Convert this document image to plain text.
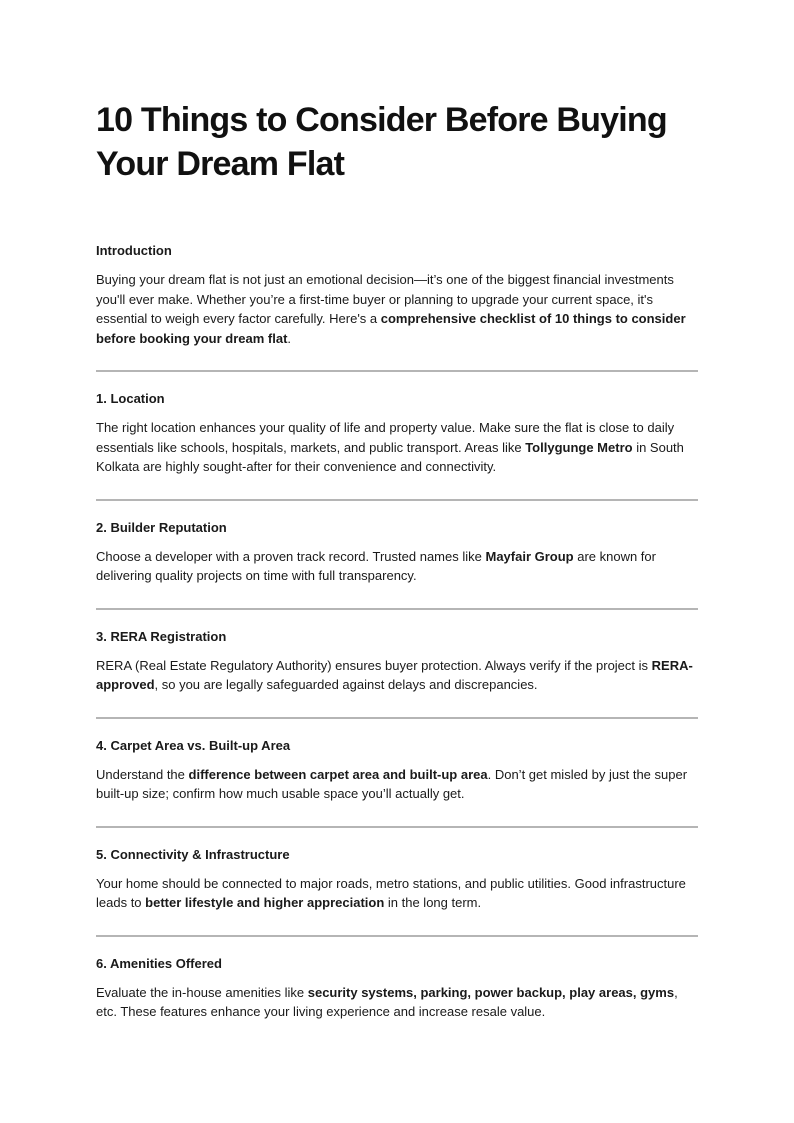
10 Things to Consider Before Buying Your Dream Flat
Introduction

Buying your dream flat is not just an emotional decision—it’s one of the biggest financial investments you'll ever make. Whether you’re a first-time buyer or planning to upgrade your current space, it's essential to weigh every factor carefully. Here's a comprehensive checklist of 10 things to consider before booking your dream flat.

1. Location

The right location enhances your quality of life and property value. Make sure the flat is close to daily essentials like schools, hospitals, markets, and public transport. Areas like Tollygunge Metro in South Kolkata are highly sought-after for their convenience and connectivity.

2. Builder Reputation

Choose a developer with a proven track record. Trusted names like Mayfair Group are known for delivering quality projects on time with full transparency.

3. RERA Registration

RERA (Real Estate Regulatory Authority) ensures buyer protection. Always verify if the project is RERA-approved, so you are legally safeguarded against delays and discrepancies.

4. Carpet Area vs. Built-up Area

Understand the difference between carpet area and built-up area. Don’t get misled by just the super built-up size; confirm how much usable space you’ll actually get.

5. Connectivity & Infrastructure

Your home should be connected to major roads, metro stations, and public utilities. Good infrastructure leads to better lifestyle and higher appreciation in the long term.

6. Amenities Offered

Evaluate the in-house amenities like security systems, parking, power backup, play areas, gyms, etc. These features enhance your living experience and increase resale value.
